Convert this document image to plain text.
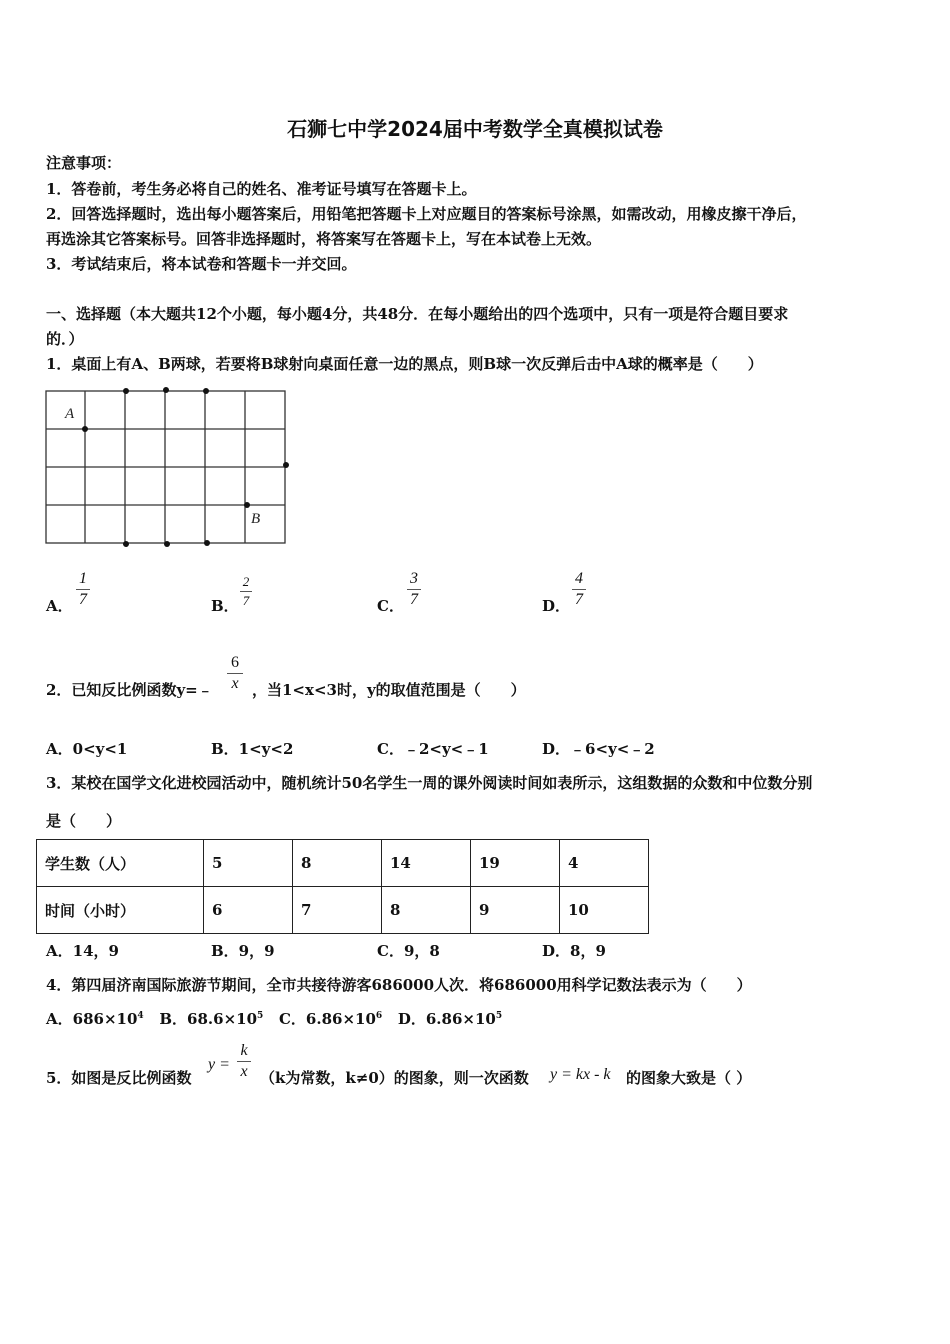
石狮七中学2024届中考数学全真模拟试卷
注意事项：
1．答卷前，考生务必将自己的姓名、准考证号填写在答题卡上。
2．回答选择题时，选出每小题答案后，用铅笔把答题卡上对应题目的答案标号涂黑，如需改动，用橡皮擦干净后，
再选涂其它答案标号。回答非选择题时，将答案写在答题卡上，写在本试卷上无效。
3．考试结束后，将本试卷和答题卡一并交回。
一、选择题（本大题共12个小题，每小题4分，共48分．在每小题给出的四个选项中，只有一项是符合题目要求
的．）
1．桌面上有A、B两球，若要将B球射向桌面任意一边的黑点，则B球一次反弹后击中A球的概率是（　　）
A
B
A．
1
7	B．
2
7	C．
3
7	D．
4
7
2．已知反比例函数y=﹣
6
x ，当1<x<3时，y的取值范围是（　　）
A．0<y<1	B．1<y<2	C．﹣2<y<﹣1	D．﹣6<y<﹣2
3．某校在国学文化进校园活动中，随机统计50名学生一周的课外阅读时间如表所示，这组数据的众数和中位数分别
是（　　）
学生数（人）	5	8	14	19	4
时间（小时）	6	7	8	9	10
A．14，9	B．9，9	C．9，8	D．8，9
4．第四届济南国际旅游节期间，全市共接待游客686000人次．将686000用科学记数法表示为（　　）
A．$686\times 10^4$ B．$68.6\times 10^5$ C．$6.86\times 10^6$ D．$6.86\times 10^5$
5．如图是反比例函数
y =
k
x （k为常数，k≠0）的图象，则一次函数 y = kx - k 的图象大致是（ ）
